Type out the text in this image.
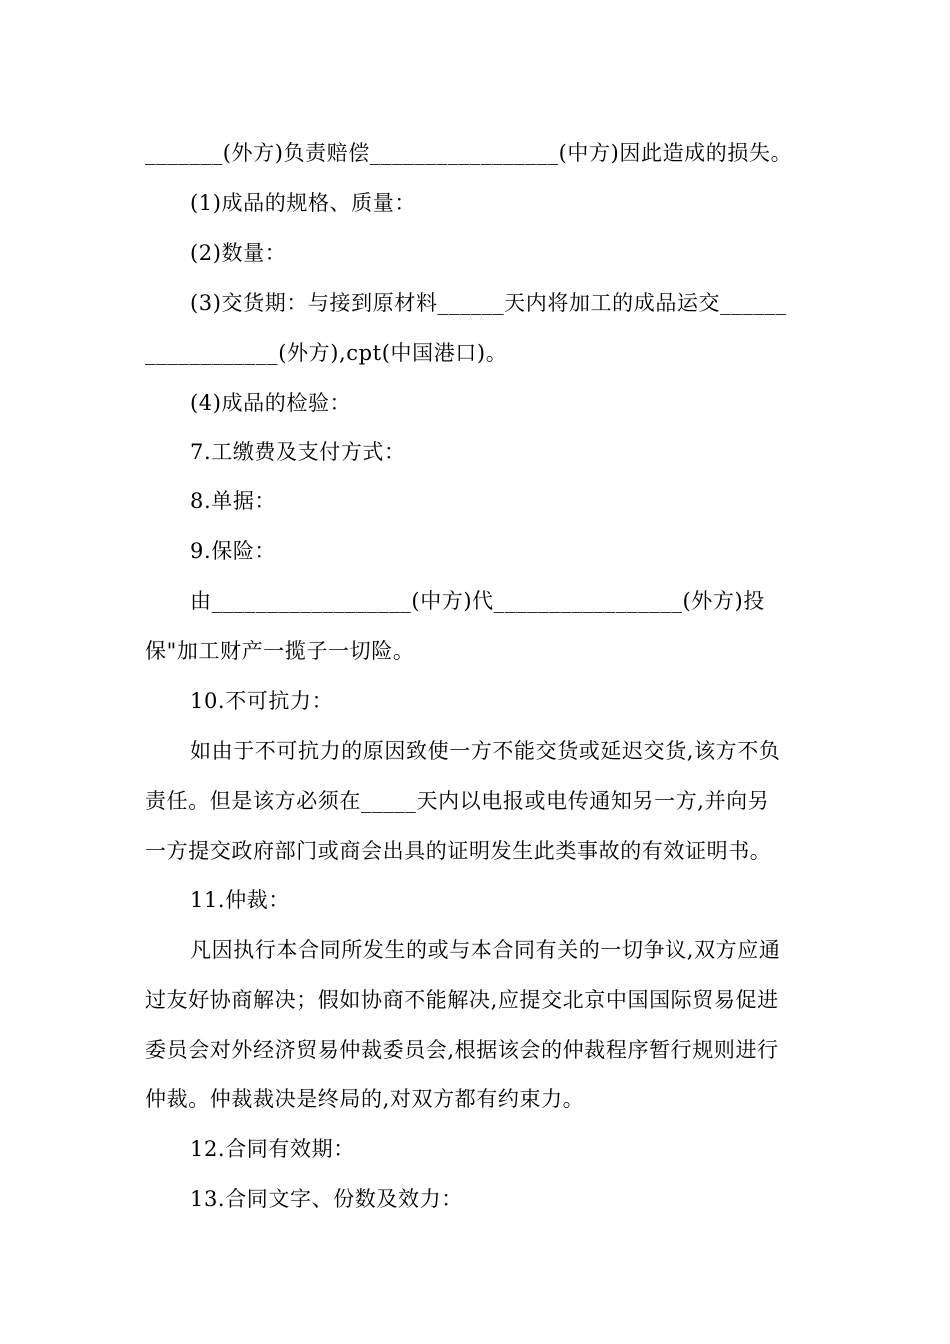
_______(外方)负责赔偿_________________(中方)因此造成的损失。
(1)成品的规格、质量：
(2)数量：
(3)交货期：与接到原材料______天内将加工的成品运交______
____________(外方),cpt(中国港口)。
(4)成品的检验：
7.工缴费及支付方式：
8.单据：
9.保险：
由__________________(中方)代_________________(外方)投
保"加工财产一揽子一切险。
10.不可抗力：
如由于不可抗力的原因致使一方不能交货或延迟交货,该方不负
责任。但是该方必须在_____天内以电报或电传通知另一方,并向另
一方提交政府部门或商会出具的证明发生此类事故的有效证明书。
11.仲裁：
凡因执行本合同所发生的或与本合同有关的一切争议,双方应通
过友好协商解决；假如协商不能解决,应提交北京中国国际贸易促进
委员会对外经济贸易仲裁委员会,根据该会的仲裁程序暂行规则进行
仲裁。仲裁裁决是终局的,对双方都有约束力。
12.合同有效期：
13.合同文字、份数及效力：
